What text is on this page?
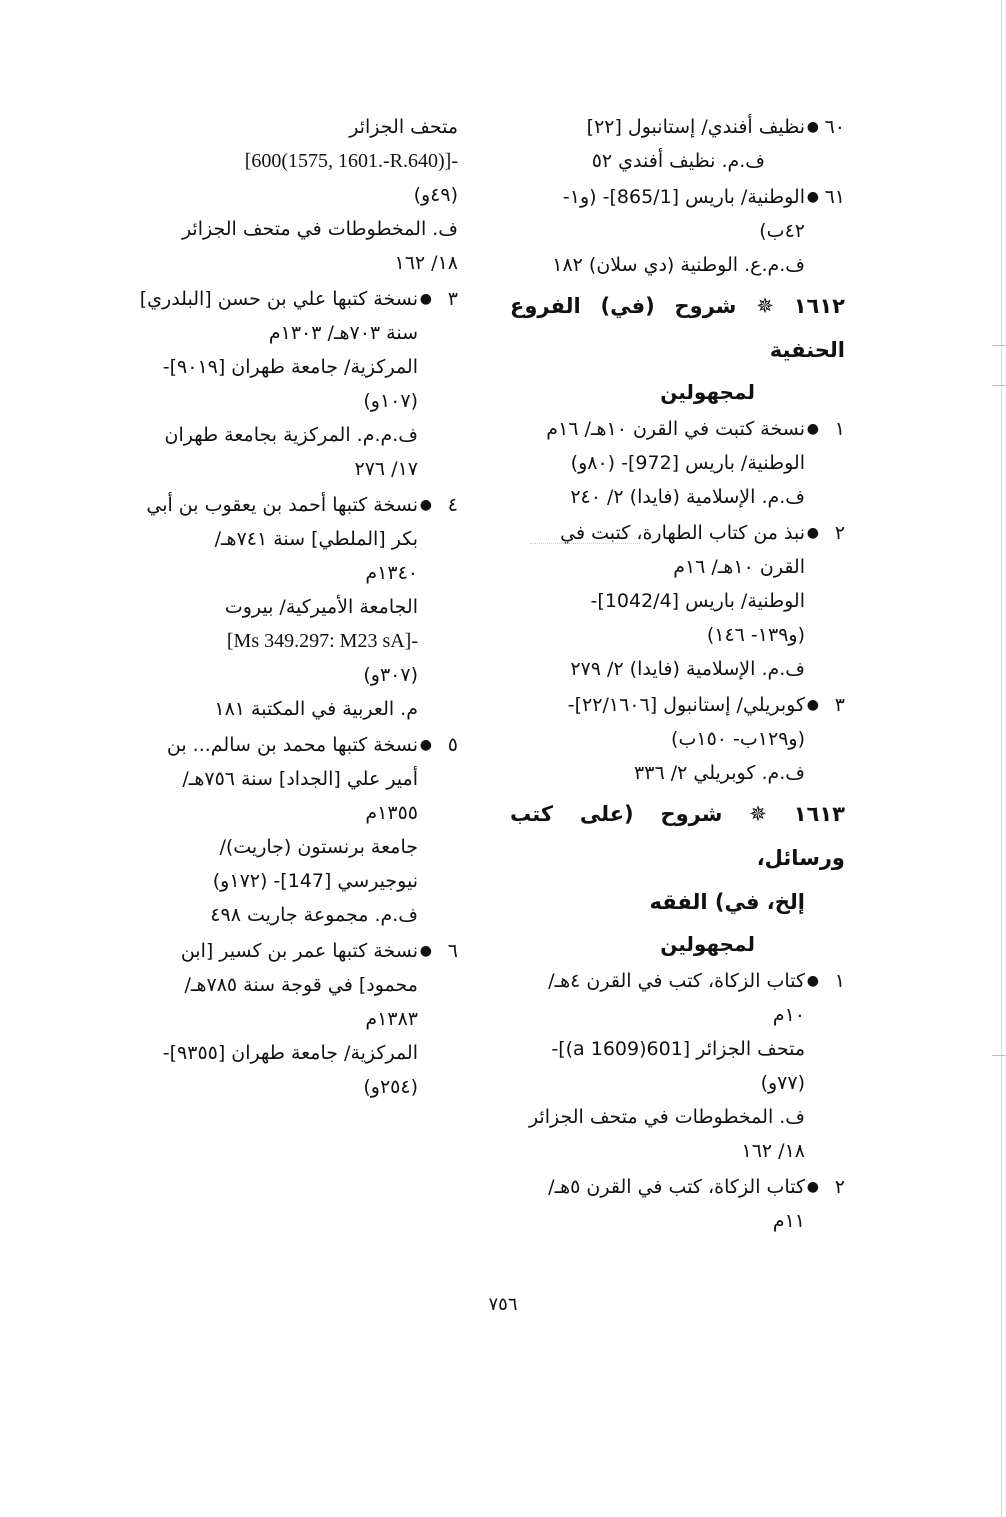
٦٠
●
نظيف أفندي/ إستانبول [٢٢]
ف.م. نظيف أفندي ٥٢
٦١
●
الوطنية/ باريس [865/1]- (و١-
٤٢ب)
ف.م.ع. الوطنية (دي سلان) ١٨٢
١٦١٢ ✵ شروح (في) الفروع الحنفية
لمجهولين
١
●
نسخة كتبت في القرن ١٠هـ/ ١٦م
الوطنية/ باريس [972]- (٨٠و)
ف.م. الإسلامية (فايدا) ٢/ ٢٤٠
٢
●
نبذ من كتاب الطهارة، كتبت في
القرن ١٠هـ/ ١٦م
الوطنية/ باريس [1042/4]-
(و١٣٩- ١٤٦)
ف.م. الإسلامية (فايدا) ٢/ ٢٧٩
٣
●
كوبريلي/ إستانبول [٢٢/١٦٠٦]-
(و١٢٩ب- ١٥٠ب)
ف.م. كوبريلي ٢/ ٣٣٦
١٦١٣ ✵ شروح (على كتب ورسائل،
إلخ، في) الفقه
لمجهولين
١
●
كتاب الزكاة، كتب في القرن ٤هـ/
١٠م
متحف الجزائر [601(1609 a)]-
(٧٧و)
ف. المخطوطات في متحف الجزائر
١٨/ ١٦٢
٢
●
كتاب الزكاة، كتب في القرن ٥هـ/
١١م
متحف الجزائر
[600(1575, 1601.-R.640)]-
(٤٩و)
ف. المخطوطات في متحف الجزائر
١٨/ ١٦٢
٣
●
نسخة كتبها علي بن حسن [البلدري]
سنة ٧٠٣هـ/ ١٣٠٣م
المركزية/ جامعة طهران [٩٠١٩]-
(١٠٧و)
ف.م.م. المركزية بجامعة طهران
١٧/ ٢٧٦
٤
●
نسخة كتبها أحمد بن يعقوب بن أبي
بكر [الملطي] سنة ٧٤١هـ/
١٣٤٠م
الجامعة الأميركية/ بيروت
[Ms 349.297: M23 sA]-
(٣٠٧و)
م. العربية في المكتبة ١٨١
٥
●
نسخة كتبها محمد بن سالم... بن
أمير علي [الجداد] سنة ٧٥٦هـ/
١٣٥٥م
جامعة برنستون (جاريت)/
نيوجيرسي [147]- (١٧٢و)
ف.م. مجموعة جاريت ٤٩٨
٦
●
نسخة كتبها عمر بن كسير [ابن
محمود] في قوجة سنة ٧٨٥هـ/
١٣٨٣م
المركزية/ جامعة طهران [٩٣٥٥]-
(٢٥٤و)
٧٥٦
